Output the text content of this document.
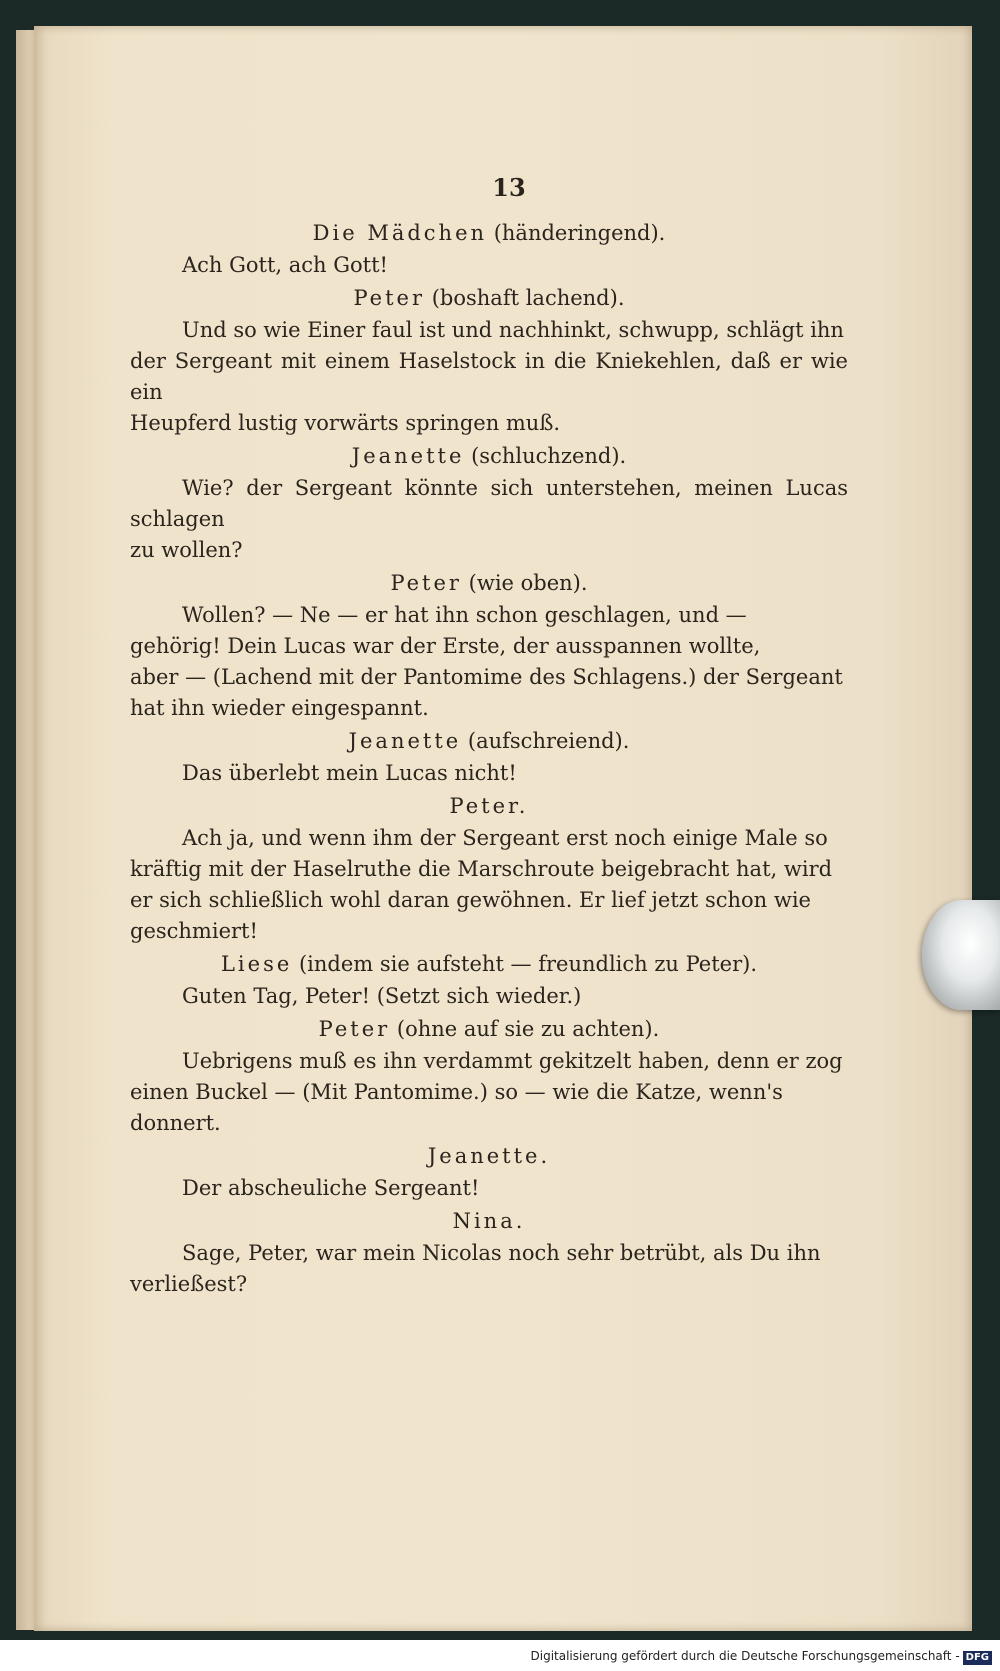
13

Die Mädchen (händeringend).

Ach Gott, ach Gott!

Peter (boshaft lachend).

Und so wie Einer faul ist und nachhinkt, schwupp, schlägt ihn

der Sergeant mit einem Haselstock in die Kniekehlen, daß er wie ein

Heupferd lustig vorwärts springen muß.

Jeanette (schluchzend).

Wie? der Sergeant könnte sich unterstehen, meinen Lucas schlagen

zu wollen?

Peter (wie oben).

Wollen? — Ne — er hat ihn schon geschlagen, und —

gehörig! Dein Lucas war der Erste, der ausspannen wollte,

aber — (Lachend mit der Pantomime des Schlagens.) der Sergeant

hat ihn wieder eingespannt.

Jeanette (aufschreiend).

Das überlebt mein Lucas nicht!

Peter.

Ach ja, und wenn ihm der Sergeant erst noch einige Male so

kräftig mit der Haselruthe die Marschroute beigebracht hat, wird

er sich schließlich wohl daran gewöhnen. Er lief jetzt schon wie

geschmiert!

Liese (indem sie aufsteht — freundlich zu Peter).

Guten Tag, Peter! (Setzt sich wieder.)

Peter (ohne auf sie zu achten).

Uebrigens muß es ihn verdammt gekitzelt haben, denn er zog

einen Buckel — (Mit Pantomime.) so — wie die Katze, wenn's

donnert.

Jeanette.

Der abscheuliche Sergeant!

Nina.

Sage, Peter, war mein Nicolas noch sehr betrübt, als Du ihn

verließest?

Digitalisierung gefördert durch die Deutsche Forschungsgemeinschaft - DFG
